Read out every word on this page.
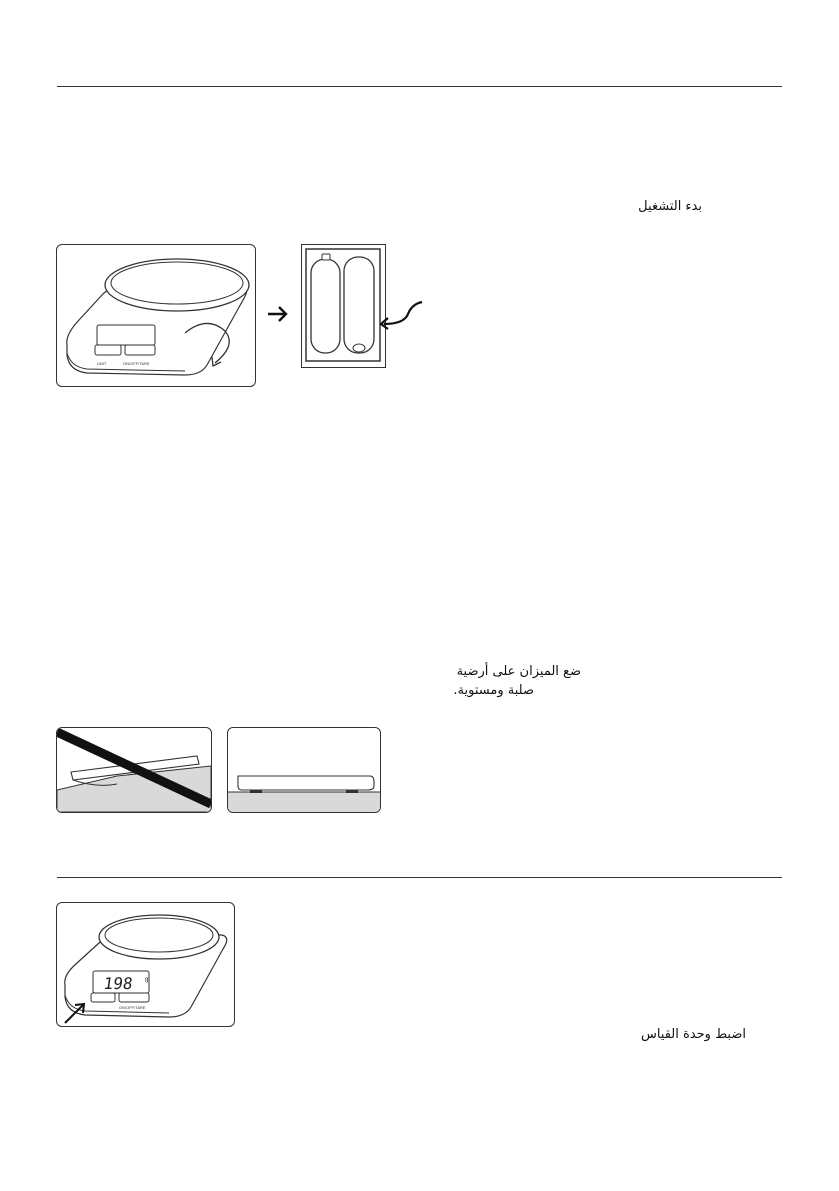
بدء التشغيل
UNIT	ON/OFF/TARE
ضع الميزان على أرضية
صلبة ومستوية.
198 g
ON/OFF/TARE
اضبط وحدة القياس
